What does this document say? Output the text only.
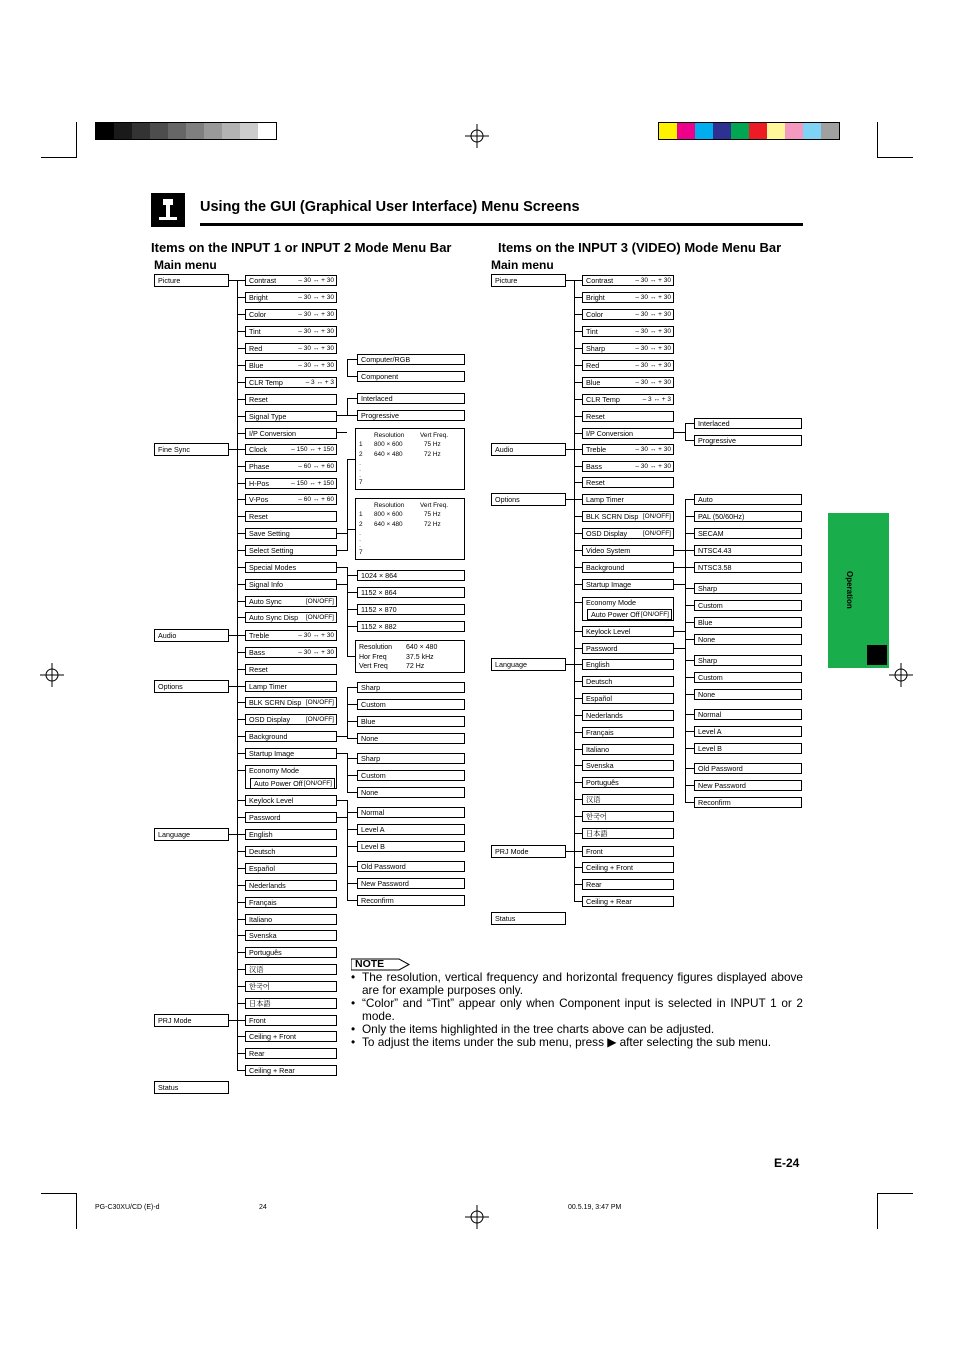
Using the GUI (Graphical User Interface) Menu Screens
Items on the INPUT 1 or INPUT 2 Mode Menu Bar	Items on the INPUT 3 (VIDEO) Mode Menu Bar
Main menu	Main menu
Operation
Picture
Fine Sync
Audio
Options
Language
PRJ Mode
Status
Contrast	– 30 ↔ + 30
Bright	– 30 ↔ + 30
Color	– 30 ↔ + 30
Tint	– 30 ↔ + 30
Red	– 30 ↔ + 30
Blue	– 30 ↔ + 30
CLR Temp	– 3 ↔ + 3
Reset
Signal Type
I/P Conversion
Clock	– 150 ↔ + 150
Phase	– 60 ↔ + 60
H-Pos	– 150 ↔ + 150
V-Pos	– 60 ↔ + 60
Reset
Save Setting
Select Setting
Special Modes
Signal Info
Auto Sync	[ON/OFF]
Auto Sync Disp [ON/OFF]
Treble	– 30 ↔ + 30
Bass	– 30 ↔ + 30
Reset
Lamp Timer
BLK SCRN Disp [ON/OFF]
OSD Display [ON/OFF]
Background
Startup Image
Economy Mode
Auto Power Off [ON/OFF]
Keylock Level
Password
English
Deutsch
Español
Nederlands
Français
Italiano
Svenska
Português
汉语
한국어
日本語
Front
Ceiling + Front
Rear
Ceiling + Rear
Computer/RGB
Component
Interlaced
Progressive
Resolution Vert Freq.
1 800 × 600	75 Hz
2 640 × 480	72 Hz
·
·
·
7
Resolution Vert Freq.
1 800 × 600	75 Hz
2 640 × 480	72 Hz
·
·
·
7
1024 × 864
1152 × 864
1152 × 870
1152 × 882
Resolution 640 × 480
Hor Freq	37.5 kHz
Vert Freq	72 Hz
Sharp
Custom
Blue
None
Sharp
Custom
None
Normal
Level A
Level B
Old Password
New Password
Reconfirm
Picture
Audio
Options
Language
PRJ Mode
Status
Contrast	– 30 ↔ + 30
Bright	– 30 ↔ + 30
Color	– 30 ↔ + 30
Tint	– 30 ↔ + 30
Sharp	– 30 ↔ + 30
Red	– 30 ↔ + 30
Blue	– 30 ↔ + 30
CLR Temp	– 3 ↔ + 3
Reset
I/P Conversion
Treble	– 30 ↔ + 30
Bass	– 30 ↔ + 30
Reset
Lamp Timer
BLK SCRN Disp [ON/OFF]
OSD Display [ON/OFF]
Video System
Background
Startup Image
Economy Mode
Auto Power Off [ON/OFF]
Keylock Level
Password
English
Deutsch
Español
Nederlands
Français
Italiano
Svenska
Português
汉语
한국어
日本語
Front
Ceiling + Front
Rear
Ceiling + Rear
Interlaced
Progressive
Auto
PAL (50/60Hz)
SECAM
NTSC4.43
NTSC3.58
Sharp
Custom
Blue
None
Sharp
Custom
None
Normal
Level A
Level B
Old Password
New Password
Reconfirm
NOTE
• The resolution, vertical frequency and horizontal frequency figures displayed above are for example purposes only.
• “Color” and “Tint” appear only when Component input is selected in INPUT 1 or 2 mode.
• Only the items highlighted in the tree charts above can be adjusted.
• To adjust the items under the sub menu, press ▶ after selecting the sub menu.
E-24
PG-C30XU/CD (E)-d	24	00.5.19, 3:47 PM
